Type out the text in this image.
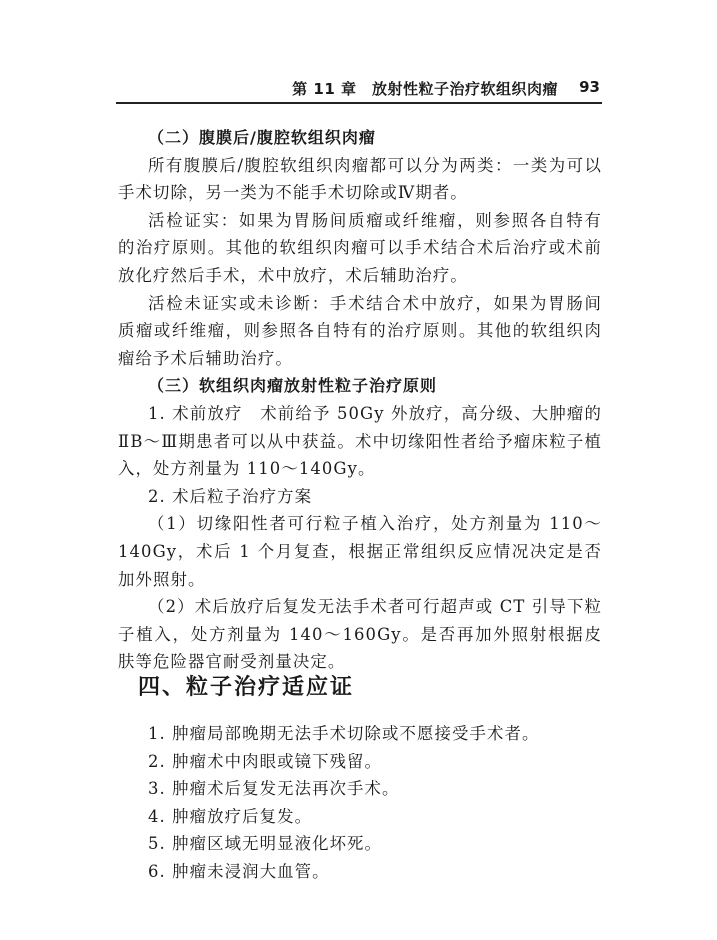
第 11 章　放射性粒子治疗软组织肉瘤 93

（二）腹膜后/腹腔软组织肉瘤

所有腹膜后/腹腔软组织肉瘤都可以分为两类：一类为可以手术切除，另一类为不能手术切除或Ⅳ期者。

活检证实：如果为胃肠间质瘤或纤维瘤，则参照各自特有的治疗原则。其他的软组织肉瘤可以手术结合术后治疗或术前放化疗然后手术，术中放疗，术后辅助治疗。

活检未证实或未诊断：手术结合术中放疗，如果为胃肠间质瘤或纤维瘤，则参照各自特有的治疗原则。其他的软组织肉瘤给予术后辅助治疗。

（三）软组织肉瘤放射性粒子治疗原则

1. 术前放疗　术前给予 50Gy 外放疗，高分级、大肿瘤的ⅡB～Ⅲ期患者可以从中获益。术中切缘阳性者给予瘤床粒子植入，处方剂量为 110～140Gy。

2. 术后粒子治疗方案

（1）切缘阳性者可行粒子植入治疗，处方剂量为 110～140Gy，术后 1 个月复查，根据正常组织反应情况决定是否加外照射。

（2）术后放疗后复发无法手术者可行超声或 CT 引导下粒子植入，处方剂量为 140～160Gy。是否再加外照射根据皮肤等危险器官耐受剂量决定。

四、粒子治疗适应证
1. 肿瘤局部晚期无法手术切除或不愿接受手术者。
2. 肿瘤术中肉眼或镜下残留。
3. 肿瘤术后复发无法再次手术。
4. 肿瘤放疗后复发。
5. 肿瘤区域无明显液化坏死。
6. 肿瘤未浸润大血管。
